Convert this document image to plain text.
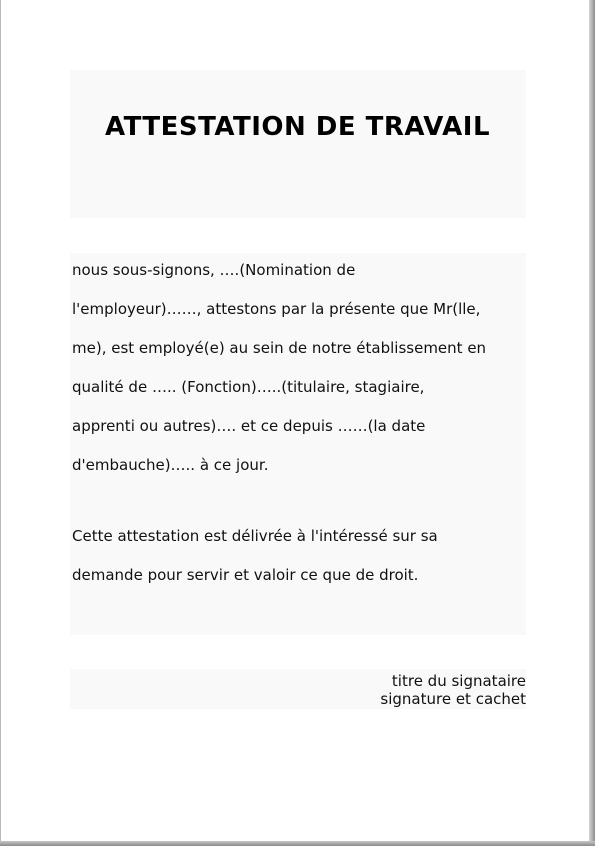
ATTESTATION DE TRAVAIL

nous sous-signons, ….(Nomination de
l'employeur)……, attestons par la présente que Mr(lle,
me), est employé(e) au sein de notre établissement en
qualité de ….. (Fonction)…..(titulaire, stagiaire,
apprenti ou autres)…. et ce depuis ……(la date
d'embauche)….. à ce jour.

Cette attestation est délivrée à l'intéressé sur sa
demande pour servir et valoir ce que de droit.

titre du signataire

signature et cachet
